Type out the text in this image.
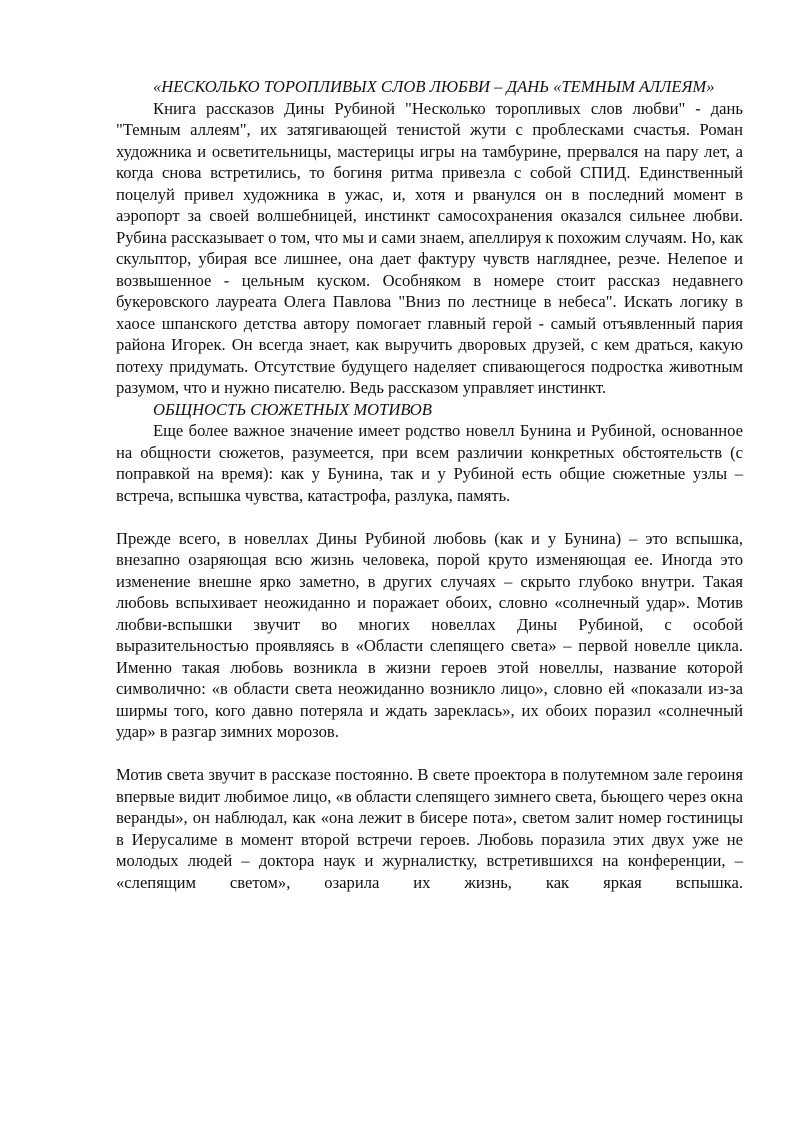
«НЕСКОЛЬКО ТОРОПЛИВЫХ СЛОВ ЛЮБВИ – ДАНЬ «ТЕМНЫМ АЛЛЕЯМ»

Книга рассказов Дины Рубиной "Несколько торопливых слов любви" - дань "Темным аллеям", их затягивающей тенистой жути с проблесками счастья. Роман художника и осветительницы, мастерицы игры на тамбурине, прервался на пару лет, а когда снова встретились, то богиня ритма привезла с собой СПИД. Единственный поцелуй привел художника в ужас, и, хотя и рванулся он в последний момент в аэропорт за своей волшебницей, инстинкт самосохранения оказался сильнее любви. Рубина рассказывает о том, что мы и сами знаем, апеллируя к похожим случаям. Но, как скульптор, убирая все лишнее, она дает фактуру чувств нагляднее, резче. Нелепое и возвышенное - цельным куском. Особняком в номере стоит рассказ недавнего букеровского лауреата Олега Павлова "Вниз по лестнице в небеса". Искать логику в хаосе шпанского детства автору помогает главный герой - самый отъявленный пария района Игорек. Он всегда знает, как выручить дворовых друзей, с кем драться, какую потеху придумать. Отсутствие будущего наделяет спивающегося подростка животным разумом, что и нужно писателю. Ведь рассказом управляет инстинкт.

ОБЩНОСТЬ СЮЖЕТНЫХ МОТИВОВ

Еще более важное значение имеет родство новелл Бунина и Рубиной, основанное на общности сюжетов, разумеется, при всем различии конкретных обстоятельств (с поправкой на время): как у Бунина, так и у Рубиной есть общие сюжетные узлы – встреча, вспышка чувства, катастрофа, разлука, память.

Прежде всего, в новеллах Дины Рубиной любовь (как и у Бунина) – это вспышка, внезапно озаряющая всю жизнь человека, порой круто изменяющая ее. Иногда это изменение внешне ярко заметно, в других случаях – скрыто глубоко внутри. Такая любовь вспыхивает неожиданно и поражает обоих, словно «солнечный удар». Мотив любви-вспышки звучит во многих новеллах Дины Рубиной, с особой выразительностью проявляясь в «Области слепящего света» – первой новелле цикла. Именно такая любовь возникла в жизни героев этой новеллы, название которой символично: «в области света неожиданно возникло лицо», словно ей «показали из-за ширмы того, кого давно потеряла и ждать зареклась», их обоих поразил «солнечный удар» в разгар зимних морозов.

Мотив света звучит в рассказе постоянно. В свете проектора в полутемном зале героиня впервые видит любимое лицо, «в области слепящего зимнего света, бьющего через окна веранды», он наблюдал, как «она лежит в бисере пота», светом залит номер гостиницы в Иерусалиме в момент второй встречи героев. Любовь поразила этих двух уже не молодых людей – доктора наук и журналистку, встретившихся на конференции, – «слепящим светом», озарила их жизнь, как яркая вспышка.
